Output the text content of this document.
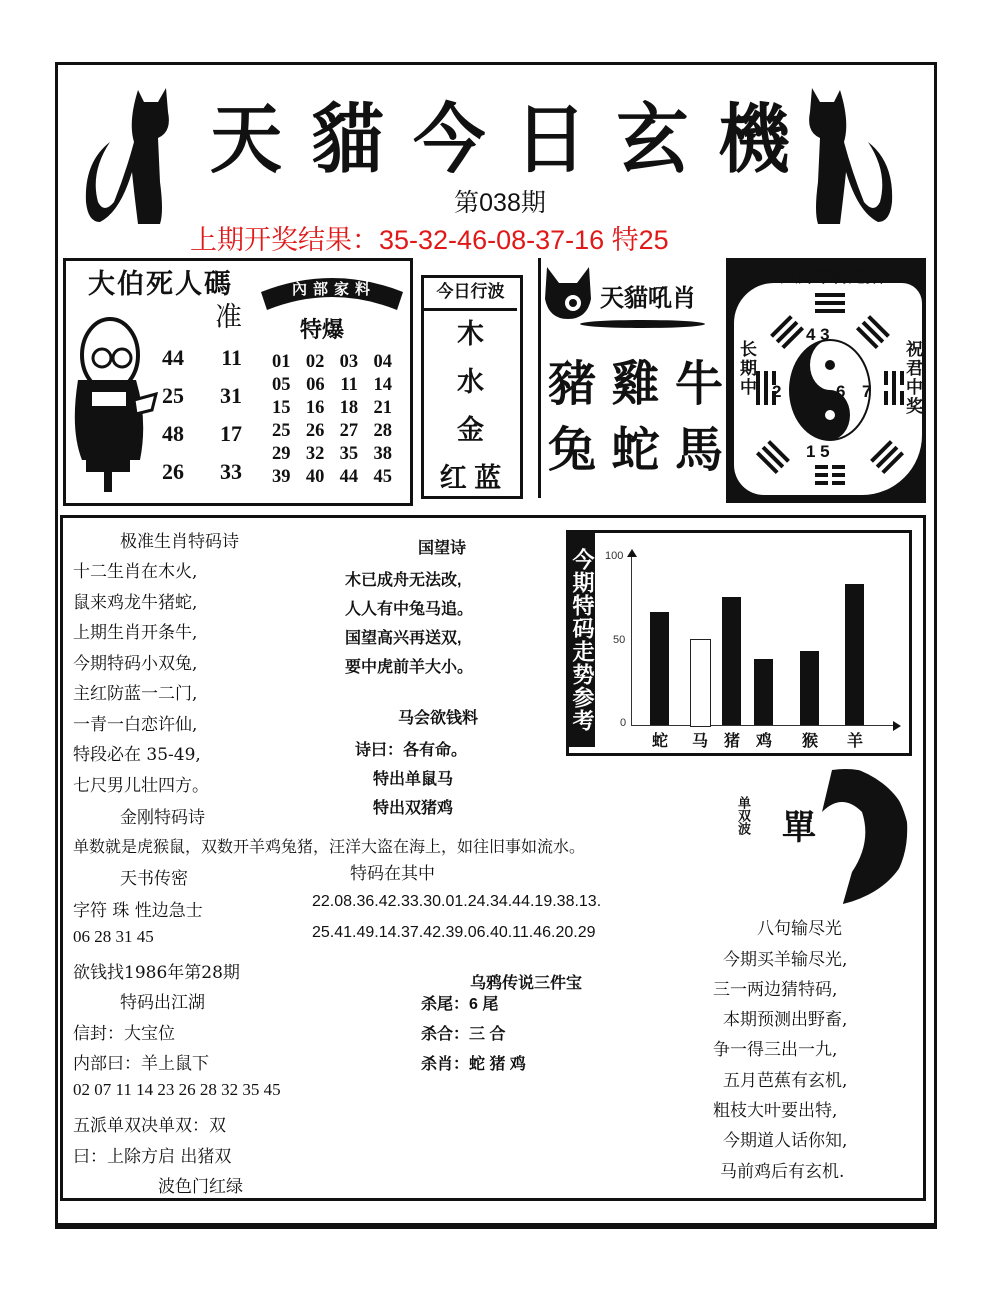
天 貓 今 日 玄 機
第038期
上期开奖结果：35-32-46-08-37-16 特25
大伯死人碼
准
44 11
25 31
48 17
26 33
內部家料
特爆
01 02 03 04
05 06 11 14
15 16 18 21
25 26 27 28
29 32 35 38
39 40 44 45
今日行波
木
水
金
红 蓝
天貓吼肖
豬 雞 牛
兔 蛇 馬
八卦中特尾數
4 3
2	6 7
1 5
长期中	祝君中奖
极准生肖特码诗
十二生肖在木火,
鼠来鸡龙牛猪蛇,
上期生肖开条牛,
今期特码小双兔,
主红防蓝一二门,
一青一白恋许仙,
特段必在 35-49,
七尺男儿壮四方。
国望诗
木已成舟无法改,
人人有中兔马追。
国望高兴再送双,
要中虎前羊大小。
马会欲钱料
诗曰：各有命。
特出单鼠马
特出双猪鸡
今期特码走势参考 100
50
0
蛇	马 猪 鸡	猴	羊
金刚特码诗
单数就是虎猴鼠，双数开羊鸡兔猪，汪洋大盗在海上，如往旧事如流水。
天书传密
字符 珠 性边急士
06 28 31 45
欲钱找1986年第28期
特码在其中
22.08.36.42.33.30.01.24.34.44.19.38.13.
25.41.49.14.37.42.39.06.40.11.46.20.29
特码出江湖
信封：大宝位
内部曰：羊上鼠下
02 07 11 14 23 26 28 32 35 45
五派单双决单双：双
曰：上除方启 出猪双
波色门红绿
乌鸦传说三件宝
杀尾：6 尾
杀合：三 合
杀肖：蛇 猪 鸡
單
单双波
八句输尽光
今期买羊输尽光,
三一两边猜特码,
本期预测出野畜,
争一得三出一九,
五月芭蕉有玄机,
粗枝大叶要出特,
今期道人话你知,
马前鸡后有玄机.
